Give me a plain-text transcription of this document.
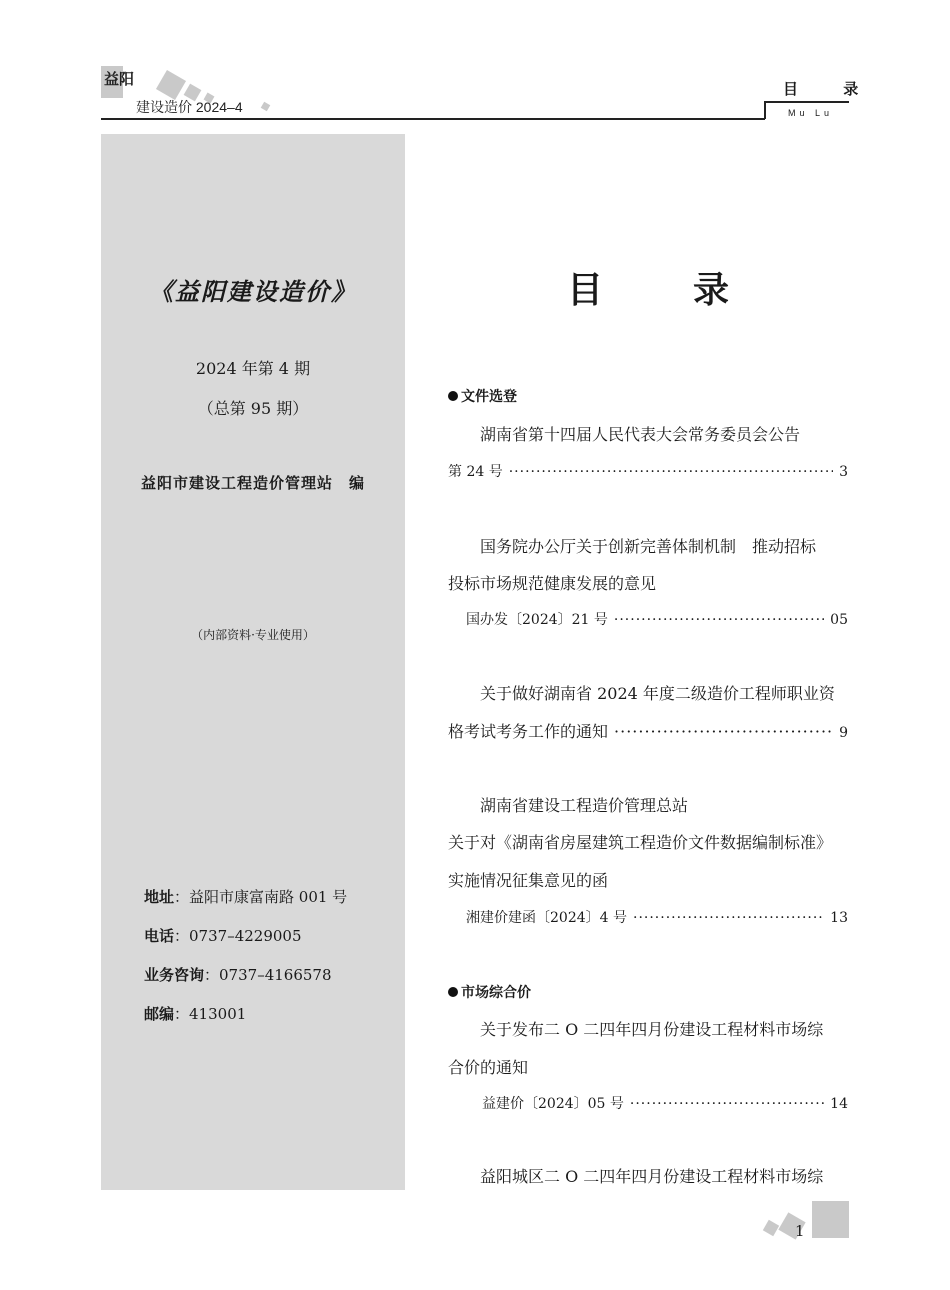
益阳
建设造价 2024–4
目 录
Mu Lu
《益阳建设造价》
2024 年第 4 期
（总第 95 期）
益阳市建设工程造价管理站　编
（内部资料·专业使用）
地址：益阳市康富南路 001 号
电话：0737–4229005
业务咨询：0737–4166578
邮编：413001
目	录
文件选登
湖南省第十四届人民代表大会常务委员会公告
第 24 号 ·····	3
国务院办公厅关于创新完善体制机制　推动招标
投标市场规范健康发展的意见
国办发〔2024〕21 号 ·····	05
关于做好湖南省 2024 年度二级造价工程师职业资
格考试考务工作的通知 ·····	9
湖南省建设工程造价管理总站
关于对《湖南省房屋建筑工程造价文件数据编制标准》
实施情况征集意见的函
湘建价建函〔2024〕4 号 ·····	13
市场综合价
关于发布二 O 二四年四月份建设工程材料市场综
合价的通知
益建价〔2024〕05 号 ·····	14
益阳城区二 O 二四年四月份建设工程材料市场综
1
